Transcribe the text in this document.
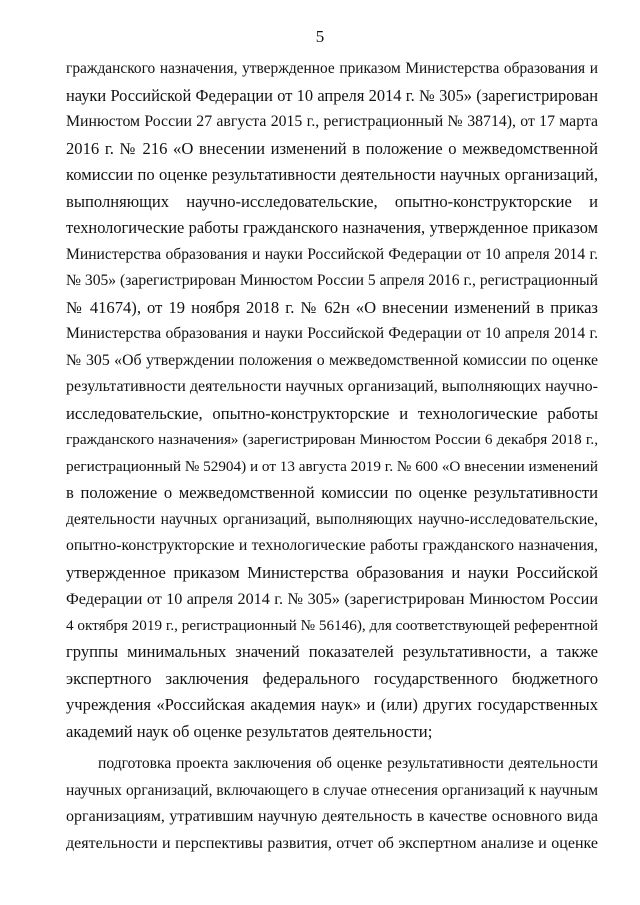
5
гражданского назначения, утвержденное приказом Министерства образования и
науки Российской Федерации от 10 апреля 2014 г. № 305» (зарегистрирован
Минюстом России 27 августа 2015 г., регистрационный № 38714), от 17 марта
2016 г. № 216 «О внесении изменений в положение о межведомственной
комиссии по оценке результативности деятельности научных организаций,
выполняющих научно-исследовательские, опытно-конструкторские и
технологические работы гражданского назначения, утвержденное приказом
Министерства образования и науки Российской Федерации от 10 апреля 2014 г.
№ 305» (зарегистрирован Минюстом России 5 апреля 2016 г., регистрационный
№ 41674), от 19 ноября 2018 г. № 62н «О внесении изменений в приказ
Министерства образования и науки Российской Федерации от 10 апреля 2014 г.
№ 305 «Об утверждении положения о межведомственной комиссии по оценке
результативности деятельности научных организаций, выполняющих научно-
исследовательские, опытно-конструкторские и технологические работы
гражданского назначения» (зарегистрирован Минюстом России 6 декабря 2018 г.,
регистрационный № 52904) и от 13 августа 2019 г. № 600 «О внесении изменений
в положение о межведомственной комиссии по оценке результативности
деятельности научных организаций, выполняющих научно-исследовательские,
опытно-конструкторские и технологические работы гражданского назначения,
утвержденное приказом Министерства образования и науки Российской
Федерации от 10 апреля 2014 г. № 305» (зарегистрирован Минюстом России
4 октября 2019 г., регистрационный № 56146), для соответствующей референтной
группы минимальных значений показателей результативности, а также
экспертного заключения федерального государственного бюджетного
учреждения «Российская академия наук» и (или) других государственных
академий наук об оценке результатов деятельности;
подготовка проекта заключения об оценке результативности деятельности
научных организаций, включающего в случае отнесения организаций к научным
организациям, утратившим научную деятельность в качестве основного вида
деятельности и перспективы развития, отчет об экспертном анализе и оценке
